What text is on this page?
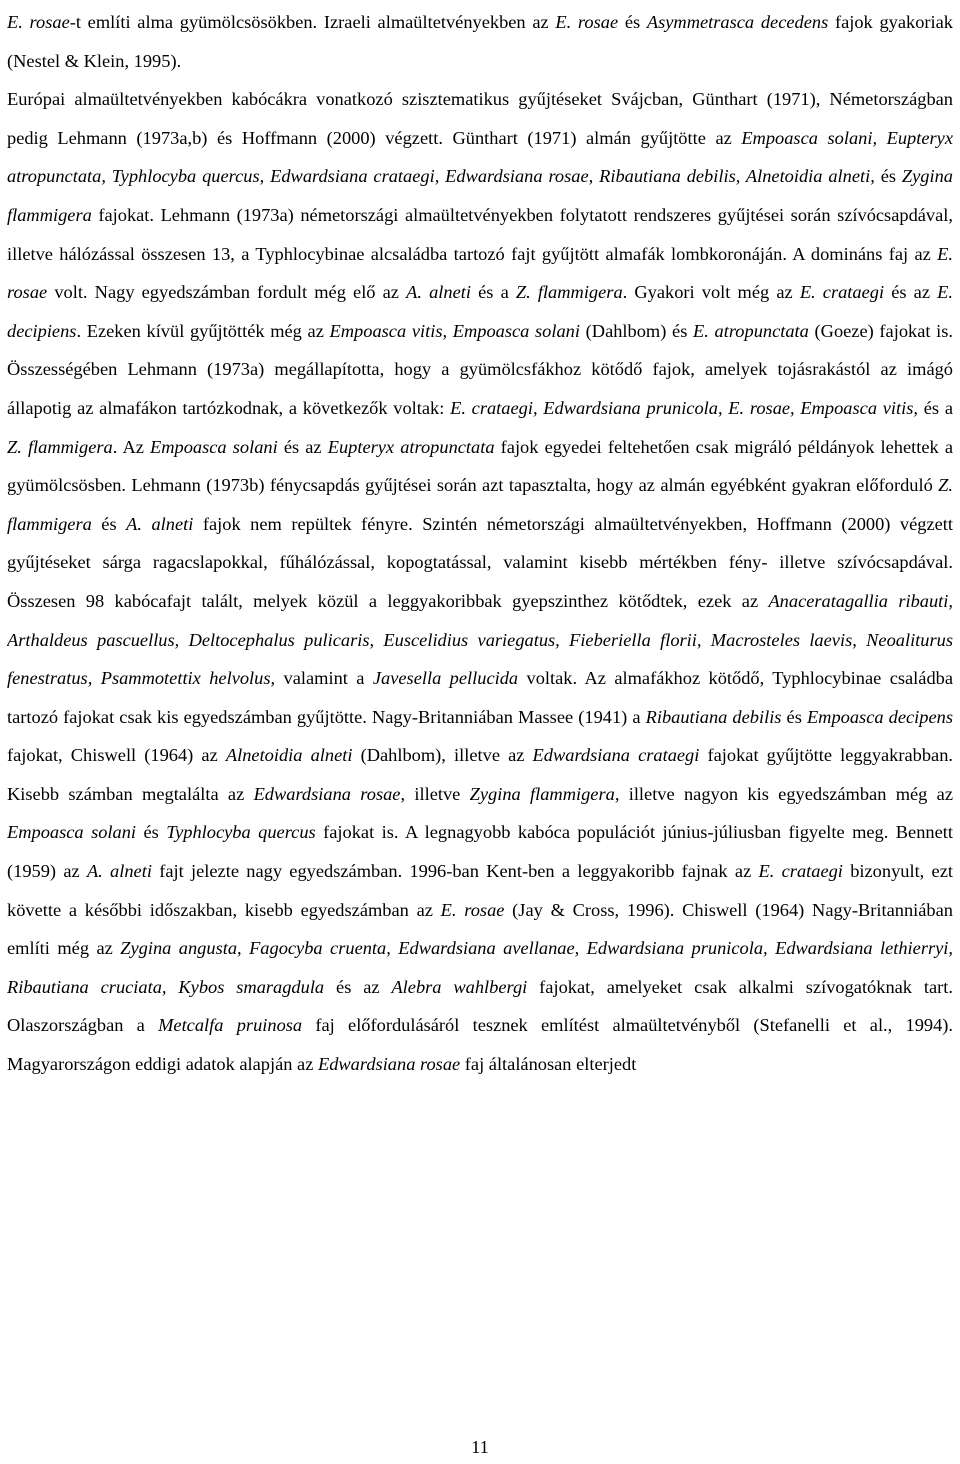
E. rosae-t említi alma gyümölcsösökben. Izraeli almaültetvényekben az E. rosae és Asymmetrasca decedens fajok gyakoriak (Nestel & Klein, 1995).

Európai almaültetvényekben kabócákra vonatkozó szisztematikus gyűjtéseket Svájcban, Günthart (1971), Németországban pedig Lehmann (1973a,b) és Hoffmann (2000) végzett. Günthart (1971) almán gyűjtötte az Empoasca solani, Eupteryx atropunctata, Typhlocyba quercus, Edwardsiana crataegi, Edwardsiana rosae, Ribautiana debilis, Alnetoidia alneti, és Zygina flammigera fajokat. Lehmann (1973a) németországi almaültetvényekben folytatott rendszeres gyűjtései során szívócsapdával, illetve hálózással összesen 13, a Typhlocybinae alcsaládba tartozó fajt gyűjtött almafák lombkoronáján. A domináns faj az E. rosae volt. Nagy egyedszámban fordult még elő az A. alneti és a Z. flammigera. Gyakori volt még az E. crataegi és az E. decipiens. Ezeken kívül gyűjtötték még az Empoasca vitis, Empoasca solani (Dahlbom) és E. atropunctata (Goeze) fajokat is. Összességében Lehmann (1973a) megállapította, hogy a gyümölcsfákhoz kötődő fajok, amelyek tojásrakástól az imágó állapotig az almafákon tartózkodnak, a következők voltak: E. crataegi, Edwardsiana prunicola, E. rosae, Empoasca vitis, és a Z. flammigera. Az Empoasca solani és az Eupteryx atropunctata fajok egyedei feltehetően csak migráló példányok lehettek a gyümölcsösben. Lehmann (1973b) fénycsapdás gyűjtései során azt tapasztalta, hogy az almán egyébként gyakran előforduló Z. flammigera és A. alneti fajok nem repültek fényre. Szintén németországi almaültetvényekben, Hoffmann (2000) végzett gyűjtéseket sárga ragacslapokkal, fűhálózással, kopogtatással, valamint kisebb mértékben fény- illetve szívócsapdával. Összesen 98 kabócafajt talált, melyek közül a leggyakoribbak gyepszinthez kötődtek, ezek az Anaceratagallia ribauti, Arthaldeus pascuellus, Deltocephalus pulicaris, Euscelidius variegatus, Fieberiella florii, Macrosteles laevis, Neoaliturus fenestratus, Psammotettix helvolus, valamint a Javesella pellucida voltak. Az almafákhoz kötődő, Typhlocybinae családba tartozó fajokat csak kis egyedszámban gyűjtötte. Nagy-Britanniában Massee (1941) a Ribautiana debilis és Empoasca decipens fajokat, Chiswell (1964) az Alnetoidia alneti (Dahlbom), illetve az Edwardsiana crataegi fajokat gyűjtötte leggyakrabban. Kisebb számban megtalálta az Edwardsiana rosae, illetve Zygina flammigera, illetve nagyon kis egyedszámban még az Empoasca solani és Typhlocyba quercus fajokat is. A legnagyobb kabóca populációt június-júliusban figyelte meg. Bennett (1959) az A. alneti fajt jelezte nagy egyedszámban. 1996-ban Kent-ben a leggyakoribb fajnak az E. crataegi bizonyult, ezt követte a későbbi időszakban, kisebb egyedszámban az E. rosae (Jay & Cross, 1996). Chiswell (1964) Nagy-Britanniában említi még az Zygina angusta, Fagocyba cruenta, Edwardsiana avellanae, Edwardsiana prunicola, Edwardsiana lethierryi, Ribautiana cruciata, Kybos smaragdula és az Alebra wahlbergi fajokat, amelyeket csak alkalmi szívogatóknak tart. Olaszországban a Metcalfa pruinosa faj előfordulásáról tesznek említést almaültetvényből (Stefanelli et al., 1994). Magyarországon eddigi adatok alapján az Edwardsiana rosae faj általánosan elterjedt

11
